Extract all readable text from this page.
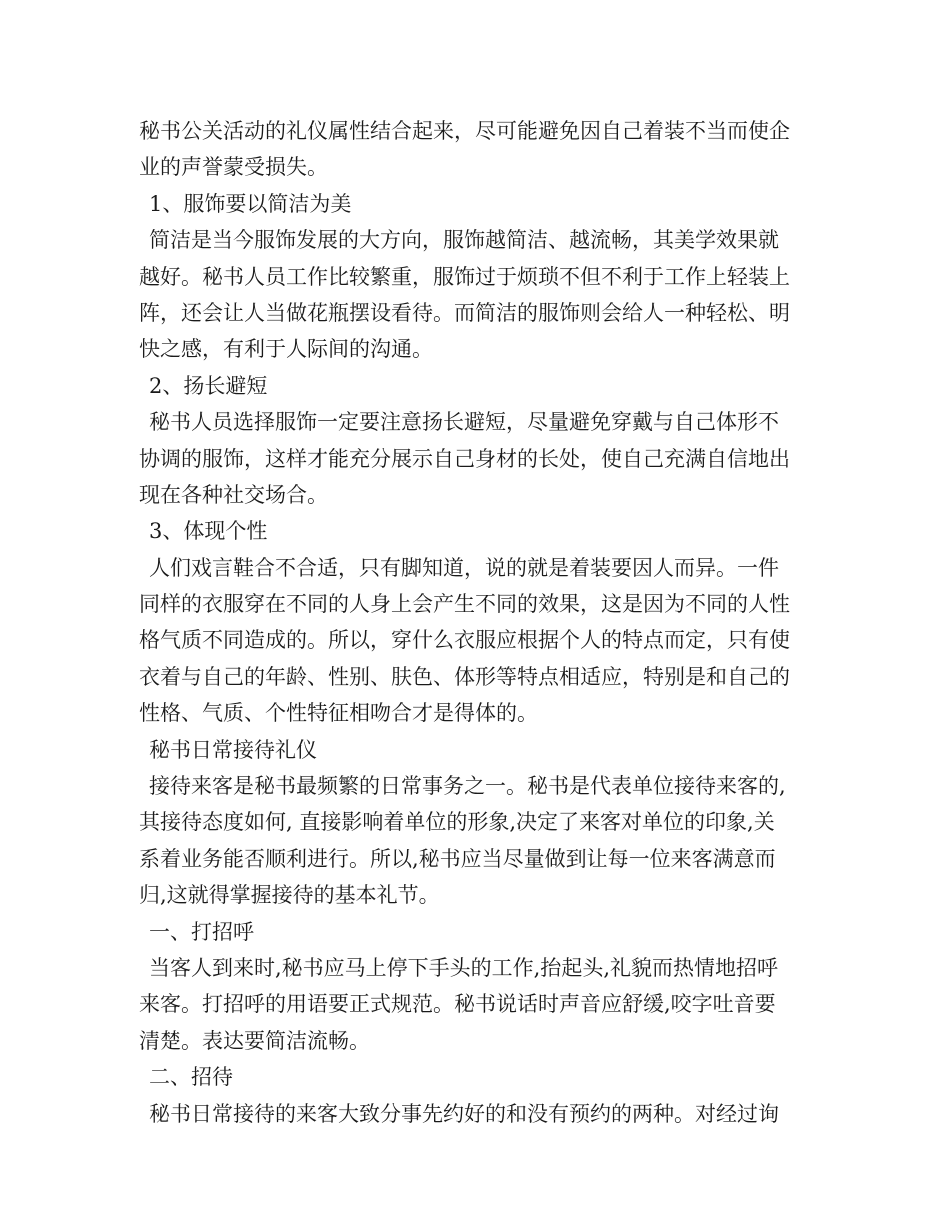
秘书公关活动的礼仪属性结合起来，尽可能避免因自己着装不当而使企
业的声誉蒙受损失。
1、服饰要以简洁为美
简洁是当今服饰发展的大方向，服饰越简洁、越流畅，其美学效果就
越好。秘书人员工作比较繁重，服饰过于烦琐不但不利于工作上轻装上
阵，还会让人当做花瓶摆设看待。而简洁的服饰则会给人一种轻松、明
快之感，有利于人际间的沟通。
2、扬长避短
秘书人员选择服饰一定要注意扬长避短，尽量避免穿戴与自己体形不
协调的服饰，这样才能充分展示自己身材的长处，使自己充满自信地出
现在各种社交场合。
3、体现个性
人们戏言鞋合不合适，只有脚知道，说的就是着装要因人而异。一件
同样的衣服穿在不同的人身上会产生不同的效果，这是因为不同的人性
格气质不同造成的。所以，穿什么衣服应根据个人的特点而定，只有使
衣着与自己的年龄、性别、肤色、体形等特点相适应，特别是和自己的
性格、气质、个性特征相吻合才是得体的。
秘书日常接待礼仪
接待来客是秘书最频繁的日常事务之一。秘书是代表单位接待来客的,
其接待态度如何, 直接影响着单位的形象,决定了来客对单位的印象,关
系着业务能否顺利进行。所以,秘书应当尽量做到让每一位来客满意而
归,这就得掌握接待的基本礼节。
一、打招呼
当客人到来时,秘书应马上停下手头的工作,抬起头,礼貌而热情地招呼
来客。打招呼的用语要正式规范。秘书说话时声音应舒缓,咬字吐音要
清楚。表达要简洁流畅。
二、招待
秘书日常接待的来客大致分事先约好的和没有预约的两种。对经过询
